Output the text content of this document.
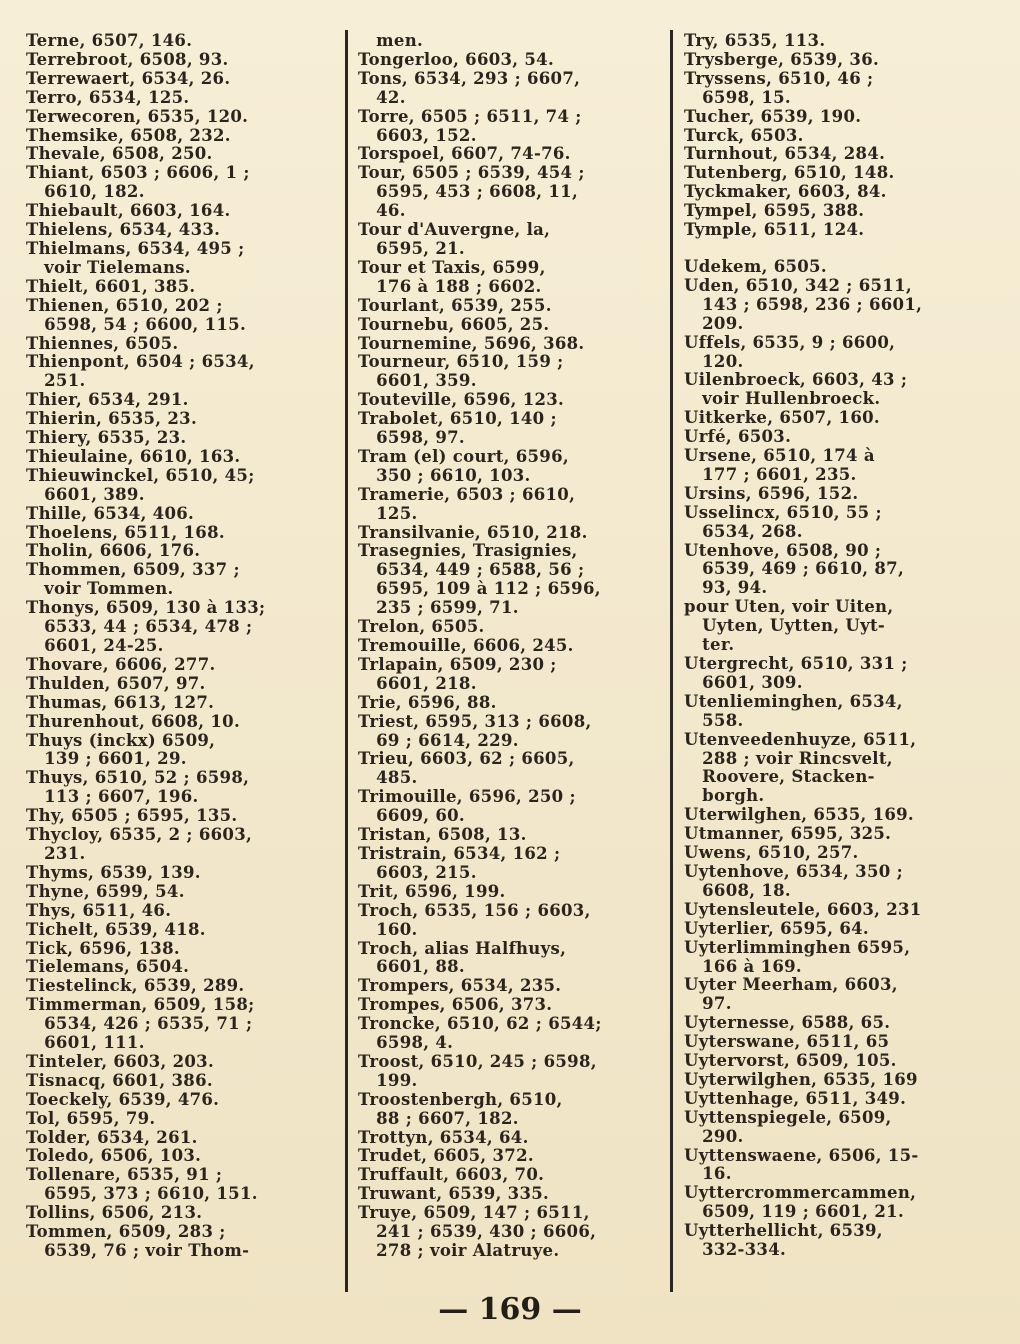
Terne, 6507, 146.
Terrebroot, 6508, 93.
Terrewaert, 6534, 26.
Terro, 6534, 125.
Terwecoren, 6535, 120.
Themsike, 6508, 232.
Thevale, 6508, 250.
Thiant, 6503 ; 6606, 1 ;
6610, 182.
Thiebault, 6603, 164.
Thielens, 6534, 433.
Thielmans, 6534, 495 ;
voir Tielemans.
Thielt, 6601, 385.
Thienen, 6510, 202 ;
6598, 54 ; 6600, 115.
Thiennes, 6505.
Thienpont, 6504 ; 6534,
251.
Thier, 6534, 291.
Thierin, 6535, 23.
Thiery, 6535, 23.
Thieulaine, 6610, 163.
Thieuwinckel, 6510, 45;
6601, 389.
Thille, 6534, 406.
Thoelens, 6511, 168.
Tholin, 6606, 176.
Thommen, 6509, 337 ;
voir Tommen.
Thonys, 6509, 130 à 133;
6533, 44 ; 6534, 478 ;
6601, 24-25.
Thovare, 6606, 277.
Thulden, 6507, 97.
Thumas, 6613, 127.
Thurenhout, 6608, 10.
Thuys (inckx) 6509,
139 ; 6601, 29.
Thuys, 6510, 52 ; 6598,
113 ; 6607, 196.
Thy, 6505 ; 6595, 135.
Thycloy, 6535, 2 ; 6603,
231.
Thyms, 6539, 139.
Thyne, 6599, 54.
Thys, 6511, 46.
Tichelt, 6539, 418.
Tick, 6596, 138.
Tielemans, 6504.
Tiestelinck, 6539, 289.
Timmerman, 6509, 158;
6534, 426 ; 6535, 71 ;
6601, 111.
Tinteler, 6603, 203.
Tisnacq, 6601, 386.
Toeckely, 6539, 476.
Tol, 6595, 79.
Tolder, 6534, 261.
Toledo, 6506, 103.
Tollenare, 6535, 91 ;
6595, 373 ; 6610, 151.
Tollins, 6506, 213.
Tommen, 6509, 283 ;
6539, 76 ; voir Thom-
men.
Tongerloo, 6603, 54.
Tons, 6534, 293 ; 6607,
42.
Torre, 6505 ; 6511, 74 ;
6603, 152.
Torspoel, 6607, 74-76.
Tour, 6505 ; 6539, 454 ;
6595, 453 ; 6608, 11,
46.
Tour d'Auvergne, la,
6595, 21.
Tour et Taxis, 6599,
176 à 188 ; 6602.
Tourlant, 6539, 255.
Tournebu, 6605, 25.
Tournemine, 5696, 368.
Tourneur, 6510, 159 ;
6601, 359.
Touteville, 6596, 123.
Trabolet, 6510, 140 ;
6598, 97.
Tram (el) court, 6596,
350 ; 6610, 103.
Tramerie, 6503 ; 6610,
125.
Transilvanie, 6510, 218.
Trasegnies, Trasignies,
6534, 449 ; 6588, 56 ;
6595, 109 à 112 ; 6596,
235 ; 6599, 71.
Trelon, 6505.
Tremouille, 6606, 245.
Trlapain, 6509, 230 ;
6601, 218.
Trie, 6596, 88.
Triest, 6595, 313 ; 6608,
69 ; 6614, 229.
Trieu, 6603, 62 ; 6605,
485.
Trimouille, 6596, 250 ;
6609, 60.
Tristan, 6508, 13.
Tristrain, 6534, 162 ;
6603, 215.
Trit, 6596, 199.
Troch, 6535, 156 ; 6603,
160.
Troch, alias Halfhuys,
6601, 88.
Trompers, 6534, 235.
Trompes, 6506, 373.
Troncke, 6510, 62 ; 6544;
6598, 4.
Troost, 6510, 245 ; 6598,
199.
Troostenbergh, 6510,
88 ; 6607, 182.
Trottyn, 6534, 64.
Trudet, 6605, 372.
Truffault, 6603, 70.
Truwant, 6539, 335.
Truye, 6509, 147 ; 6511,
241 ; 6539, 430 ; 6606,
278 ; voir Alatruye.
Try, 6535, 113.
Trysberge, 6539, 36.
Tryssens, 6510, 46 ;
6598, 15.
Tucher, 6539, 190.
Turck, 6503.
Turnhout, 6534, 284.
Tutenberg, 6510, 148.
Tyckmaker, 6603, 84.
Tympel, 6595, 388.
Tymple, 6511, 124.
Udekem, 6505.
Uden, 6510, 342 ; 6511,
143 ; 6598, 236 ; 6601,
209.
Uffels, 6535, 9 ; 6600,
120.
Uilenbroeck, 6603, 43 ;
voir Hullenbroeck.
Uitkerke, 6507, 160.
Urfé, 6503.
Ursene, 6510, 174 à
177 ; 6601, 235.
Ursins, 6596, 152.
Usselincx, 6510, 55 ;
6534, 268.
Utenhove, 6508, 90 ;
6539, 469 ; 6610, 87,
93, 94.
pour Uten, voir Uiten,
Uyten, Uytten, Uyt-
ter.
Utergrecht, 6510, 331 ;
6601, 309.
Utenlieminghen, 6534,
558.
Utenveedenhuyze, 6511,
288 ; voir Rincsvelt,
Roovere, Stacken-
borgh.
Uterwilghen, 6535, 169.
Utmanner, 6595, 325.
Uwens, 6510, 257.
Uytenhove, 6534, 350 ;
6608, 18.
Uytensleutele, 6603, 231
Uyterlier, 6595, 64.
Uyterlimminghen 6595,
166 à 169.
Uyter Meerham, 6603,
97.
Uyternesse, 6588, 65.
Uyterswane, 6511, 65
Uytervorst, 6509, 105.
Uyterwilghen, 6535, 169
Uyttenhage, 6511, 349.
Uyttenspiegele, 6509,
290.
Uyttenswaene, 6506, 15-
16.
Uyttercrommercammen,
6509, 119 ; 6601, 21.
Uytterhellicht, 6539,
332-334.
— 169 —
